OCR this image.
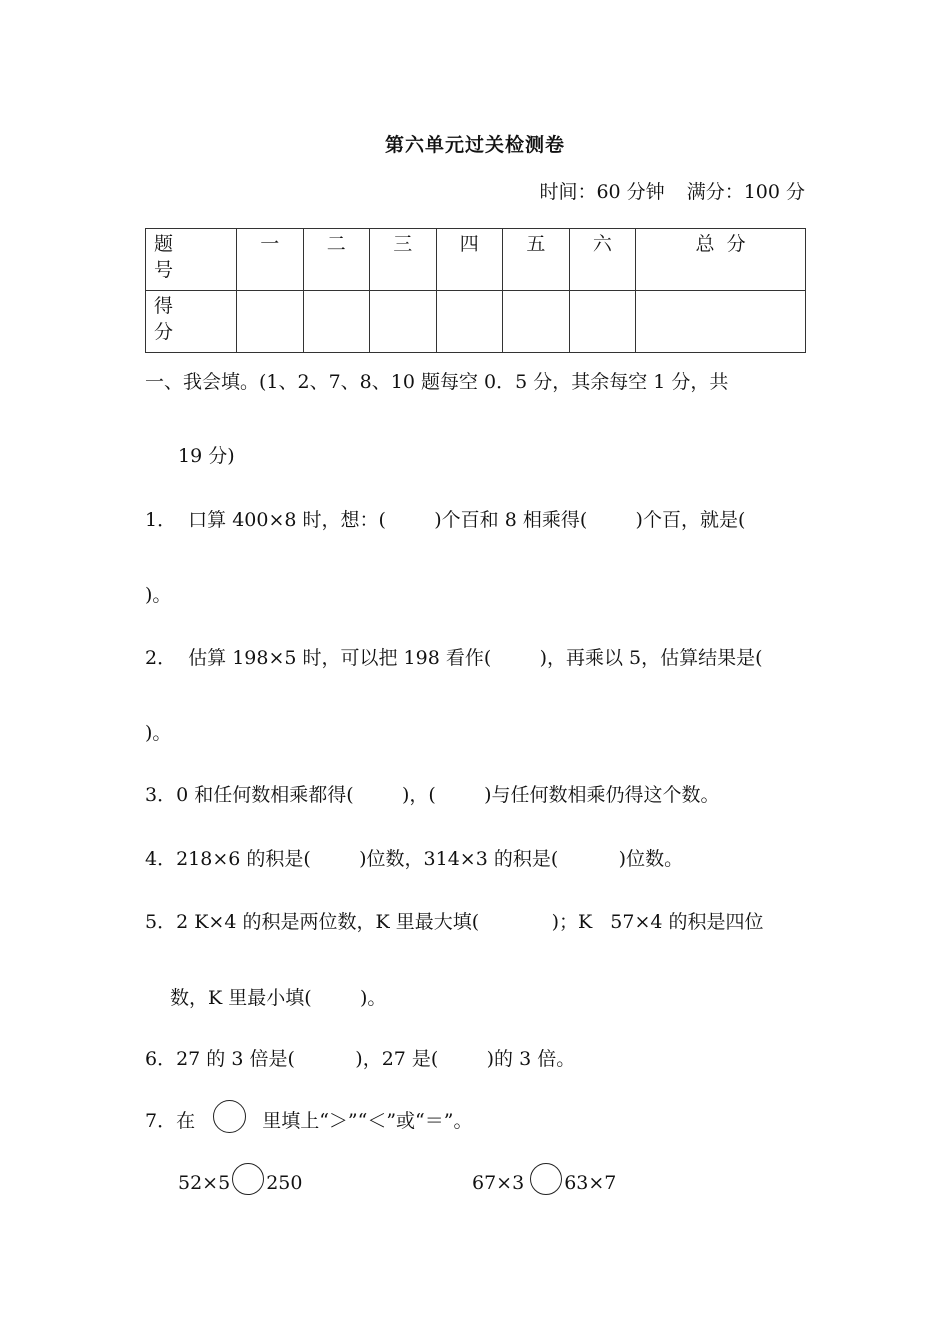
第六单元过关检测卷
时间：60 分钟 满分：100 分
题号	一	二	三	四	五	六	总  分
得分							
一、我会填。(1、2、7、8、10 题每空 0．5 分，其余每空 1 分，共
19 分)
1．  口算 400×8 时，想：(        )个百和 8 相乘得(        )个百，就是(
)。
2．  估算 198×5 时，可以把 198 看作(        )，再乘以 5，估算结果是(
)。
3．0 和任何数相乘都得(        )，(        )与任何数相乘仍得这个数。
4．218×6 的积是(        )位数，314×3 的积是(          )位数。
5．2 K×4 的积是两位数，K 里最大填(            )；K   57×4 的积是四位
数，K 里最小填(        )。
6．27 的 3 倍是(          )，27 是(        )的 3 倍。
7．在	里填上“＞”“＜”或“＝”。
52×5 250	67×3 63×7
